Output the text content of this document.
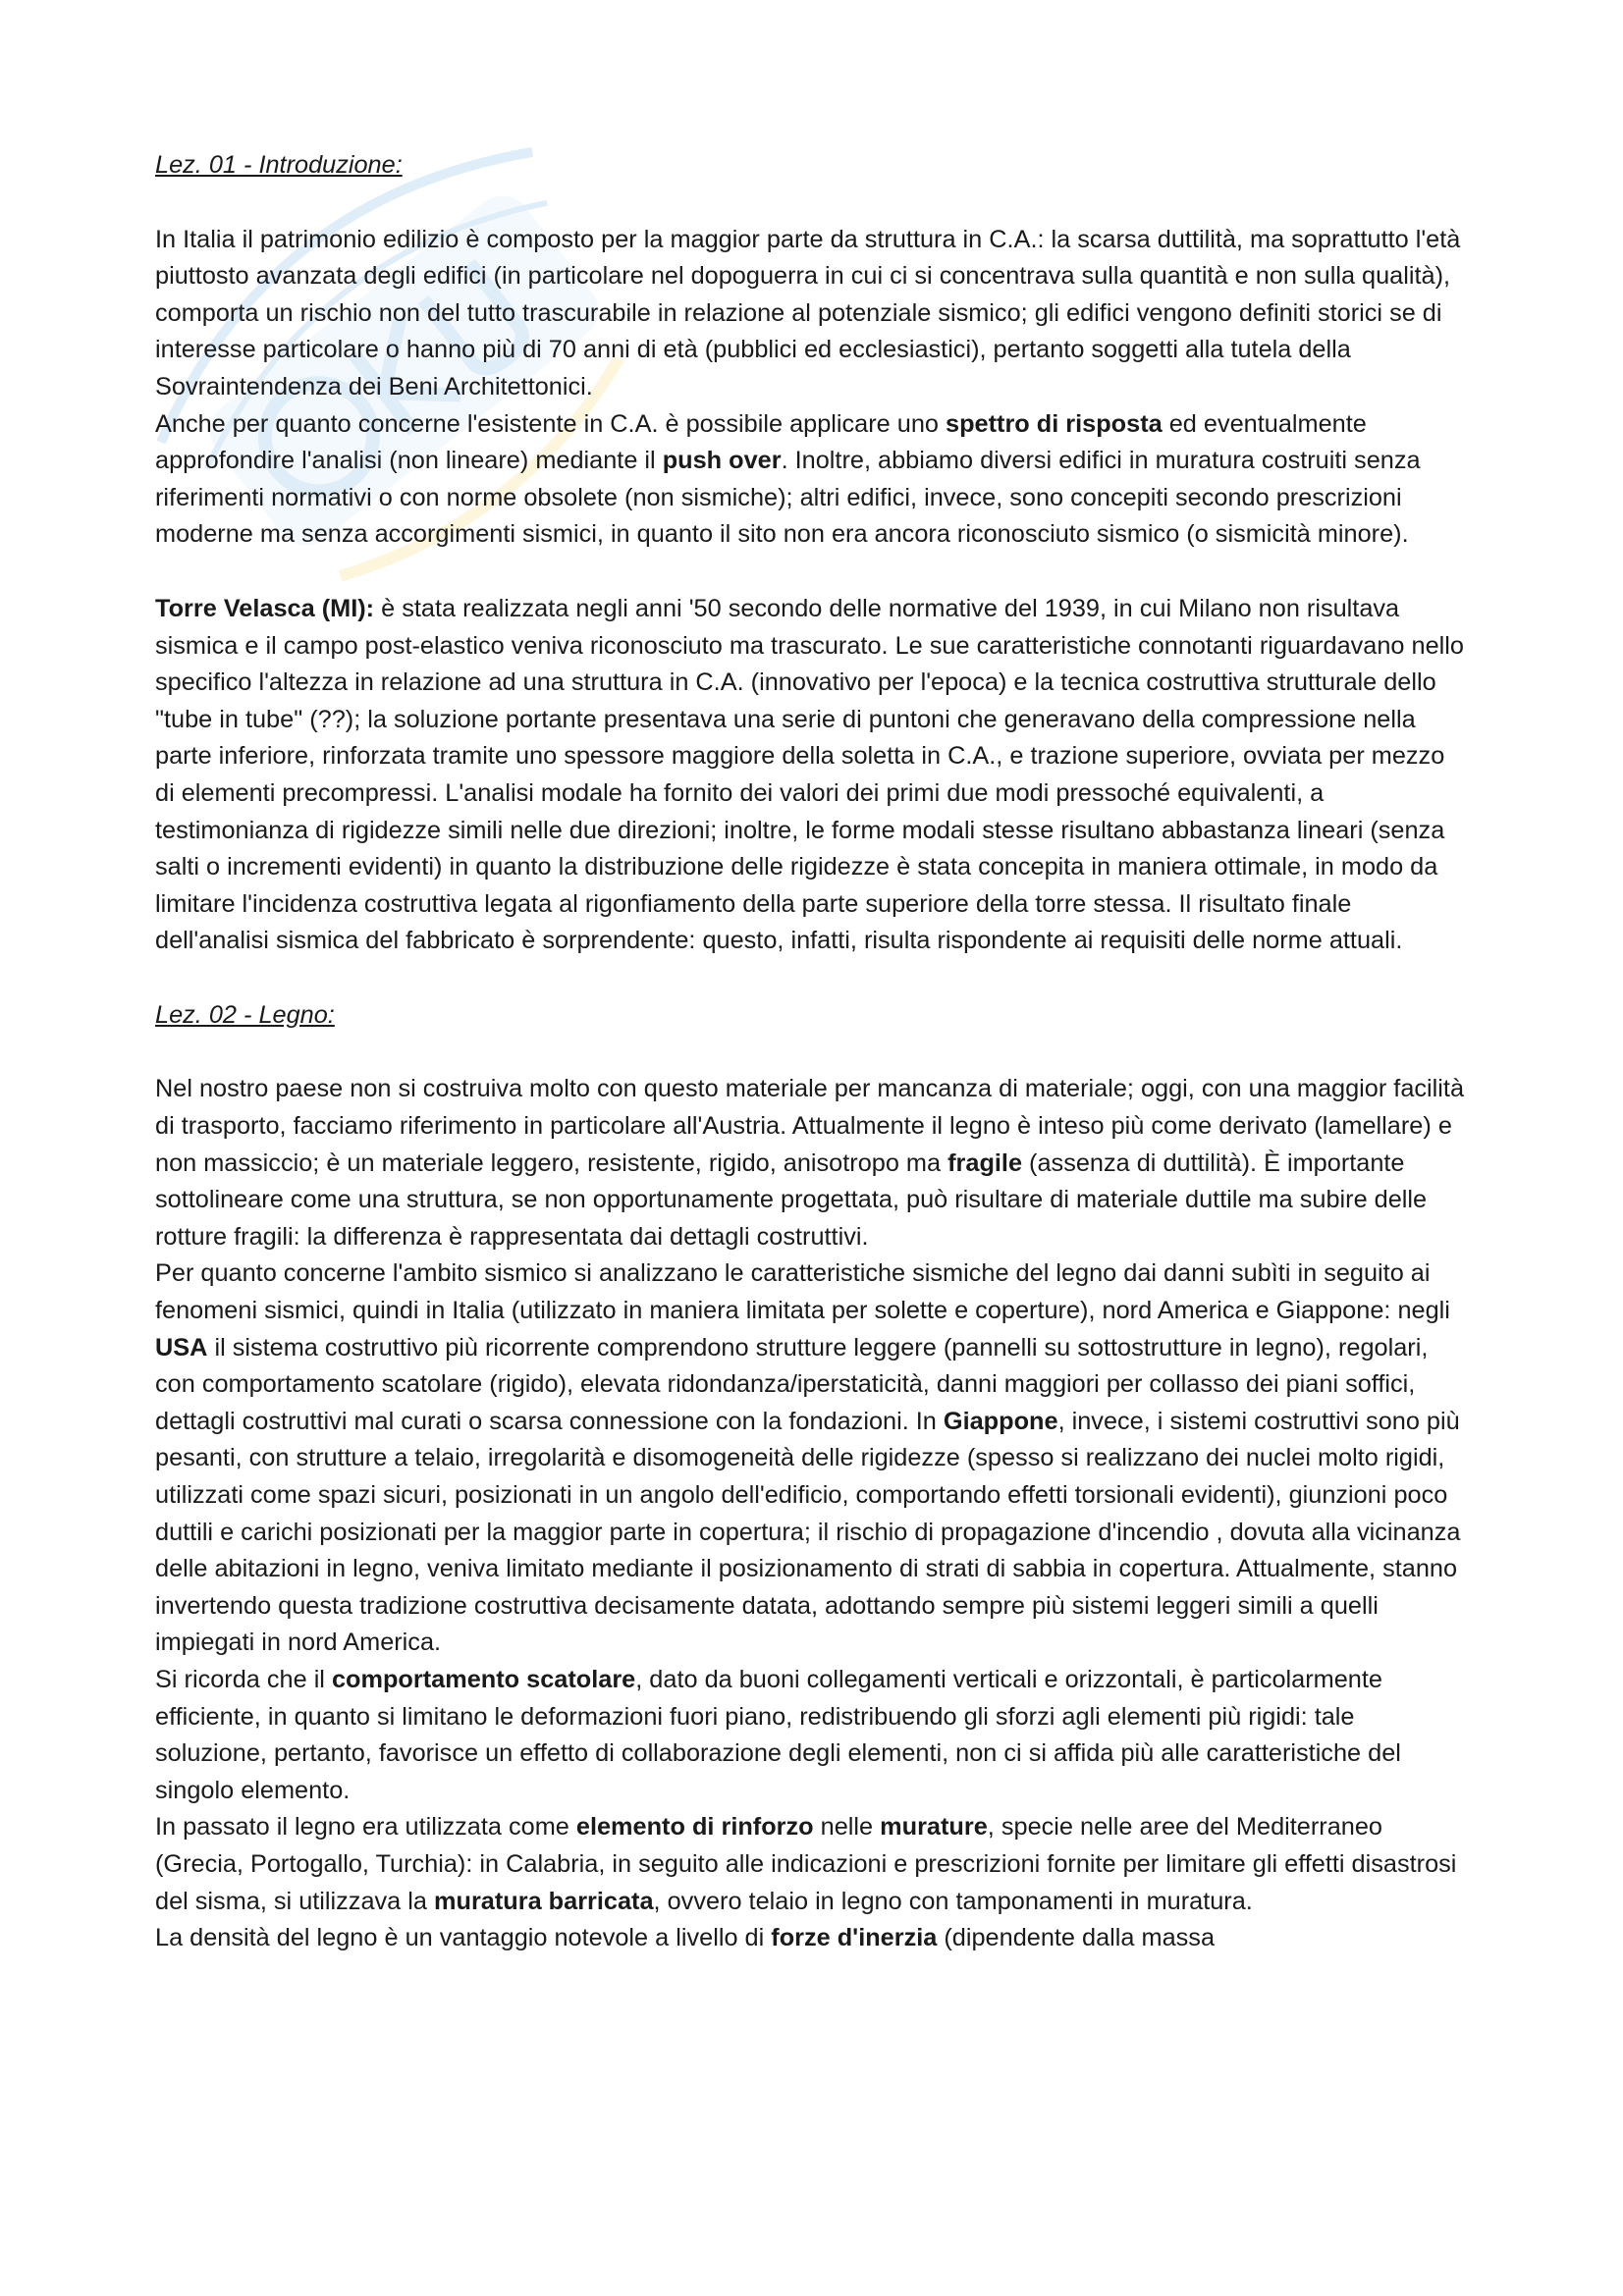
Lez. 01 - Introduzione:

In Italia il patrimonio edilizio è composto per la maggior parte da struttura in C.A.: la scarsa duttilità, ma soprattutto l'età piuttosto avanzata degli edifici (in particolare nel dopoguerra in cui ci si concentrava sulla quantità e non sulla qualità), comporta un rischio non del tutto trascurabile in relazione al potenziale sismico; gli edifici vengono definiti storici se di interesse particolare o hanno più di 70 anni di età (pubblici ed ecclesiastici), pertanto soggetti alla tutela della Sovraintendenza dei Beni Architettonici.

Anche per quanto concerne l'esistente in C.A. è possibile applicare uno spettro di risposta ed eventualmente approfondire l'analisi (non lineare) mediante il push over. Inoltre, abbiamo diversi edifici in muratura costruiti senza riferimenti normativi o con norme obsolete (non sismiche); altri edifici, invece, sono concepiti secondo prescrizioni moderne ma senza accorgimenti sismici, in quanto il sito non era ancora riconosciuto sismico (o sismicità minore).

Torre Velasca (MI): è stata realizzata negli anni '50 secondo delle normative del 1939, in cui Milano non risultava sismica e il campo post-elastico veniva riconosciuto ma trascurato. Le sue caratteristiche connotanti riguardavano nello specifico l'altezza in relazione ad una struttura in C.A. (innovativo per l'epoca) e la tecnica costruttiva strutturale dello "tube in tube" (??); la soluzione portante presentava una serie di puntoni che generavano della compressione nella parte inferiore, rinforzata tramite uno spessore maggiore della soletta in C.A., e trazione superiore, ovviata per mezzo di elementi precompressi. L'analisi modale ha fornito dei valori dei primi due modi pressoché equivalenti, a testimonianza di rigidezze simili nelle due direzioni; inoltre, le forme modali stesse risultano abbastanza lineari (senza salti o incrementi evidenti) in quanto la distribuzione delle rigidezze è stata concepita in maniera ottimale, in modo da limitare l'incidenza costruttiva legata al rigonfiamento della parte superiore della torre stessa. Il risultato finale dell'analisi sismica del fabbricato è sorprendente: questo, infatti, risulta rispondente ai requisiti delle norme attuali.

Lez. 02 - Legno:

Nel nostro paese non si costruiva molto con questo materiale per mancanza di materiale; oggi, con una maggior facilità di trasporto, facciamo riferimento in particolare all'Austria. Attualmente il legno è inteso più come derivato (lamellare) e non massiccio; è un materiale leggero, resistente, rigido, anisotropo ma fragile (assenza di duttilità). È importante sottolineare come una struttura, se non opportunamente progettata, può risultare di materiale duttile ma subire delle rotture fragili: la differenza è rappresentata dai dettagli costruttivi.

Per quanto concerne l'ambito sismico si analizzano le caratteristiche sismiche del legno dai danni subìti in seguito ai fenomeni sismici, quindi in Italia (utilizzato in maniera limitata per solette e coperture), nord America e Giappone: negli USA il sistema costruttivo più ricorrente comprendono strutture leggere (pannelli su sottostrutture in legno), regolari, con comportamento scatolare (rigido), elevata ridondanza/iperstaticità, danni maggiori per collasso dei piani soffici, dettagli costruttivi mal curati o scarsa connessione con la fondazioni. In Giappone, invece, i sistemi costruttivi sono più pesanti, con strutture a telaio, irregolarità e disomogeneità delle rigidezze (spesso si realizzano dei nuclei molto rigidi, utilizzati come spazi sicuri, posizionati in un angolo dell'edificio, comportando effetti torsionali evidenti), giunzioni poco duttili e carichi posizionati per la maggior parte in copertura; il rischio di propagazione d'incendio , dovuta alla vicinanza delle abitazioni in legno, veniva limitato mediante il posizionamento di strati di sabbia in copertura. Attualmente, stanno invertendo questa tradizione costruttiva decisamente datata, adottando sempre più sistemi leggeri simili a quelli impiegati in nord America.

Si ricorda che il comportamento scatolare, dato da buoni collegamenti verticali e orizzontali, è particolarmente efficiente, in quanto si limitano le deformazioni fuori piano, redistribuendo gli sforzi agli elementi più rigidi: tale soluzione, pertanto, favorisce un effetto di collaborazione degli elementi, non ci si affida più alle caratteristiche del singolo elemento.

In passato il legno era utilizzata come elemento di rinforzo nelle murature, specie nelle aree del Mediterraneo (Grecia, Portogallo, Turchia): in Calabria, in seguito alle indicazioni e prescrizioni fornite per limitare gli effetti disastrosi del sisma, si utilizzava la muratura barricata, ovvero telaio in legno con tamponamenti in muratura.

La densità del legno è un vantaggio notevole a livello di forze d'inerzia (dipendente dalla massa
